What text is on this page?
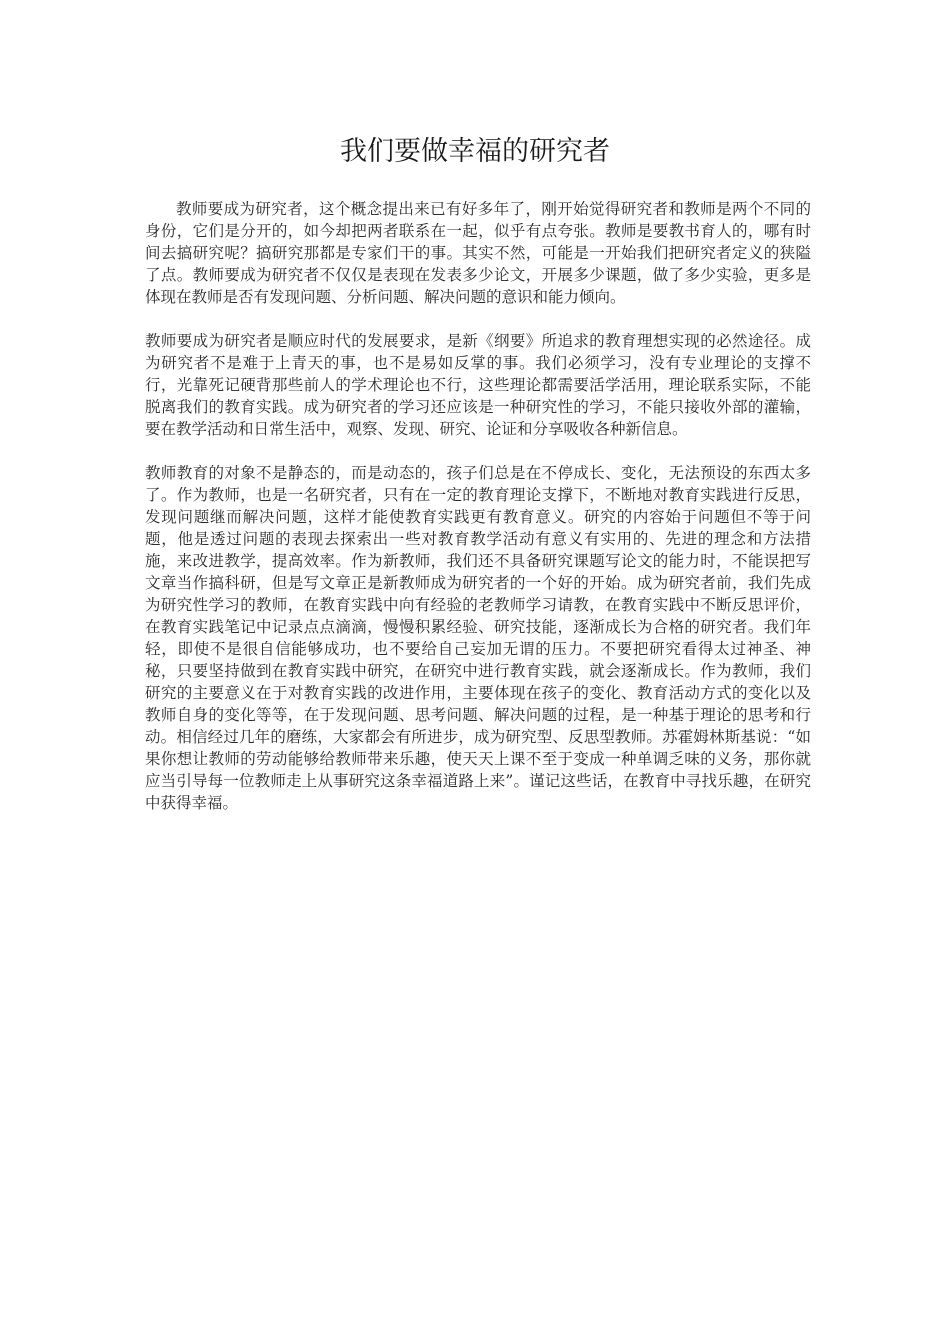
我们要做幸福的研究者

教师要成为研究者，这个概念提出来已有好多年了，刚开始觉得研究者和教师是两个不同的身份，它们是分开的，如今却把两者联系在一起，似乎有点夸张。教师是要教书育人的，哪有时间去搞研究呢？搞研究那都是专家们干的事。其实不然，可能是一开始我们把研究者定义的狭隘了点。教师要成为研究者不仅仅是表现在发表多少论文，开展多少课题，做了多少实验，更多是体现在教师是否有发现问题、分析问题、解决问题的意识和能力倾向。

教师要成为研究者是顺应时代的发展要求，是新《纲要》所追求的教育理想实现的必然途径。成为研究者不是难于上青天的事，也不是易如反掌的事。我们必须学习，没有专业理论的支撑不行，光靠死记硬背那些前人的学术理论也不行，这些理论都需要活学活用，理论联系实际，不能脱离我们的教育实践。成为研究者的学习还应该是一种研究性的学习，不能只接收外部的灌输，要在教学活动和日常生活中，观察、发现、研究、论证和分享吸收各种新信息。

教师教育的对象不是静态的，而是动态的，孩子们总是在不停成长、变化，无法预设的东西太多了。作为教师，也是一名研究者，只有在一定的教育理论支撑下，不断地对教育实践进行反思，发现问题继而解决问题，这样才能使教育实践更有教育意义。研究的内容始于问题但不等于问题，他是透过问题的表现去探索出一些对教育教学活动有意义有实用的、先进的理念和方法措施，来改进教学，提高效率。作为新教师，我们还不具备研究课题写论文的能力时，不能误把写文章当作搞科研，但是写文章正是新教师成为研究者的一个好的开始。成为研究者前，我们先成为研究性学习的教师，在教育实践中向有经验的老教师学习请教，在教育实践中不断反思评价，在教育实践笔记中记录点点滴滴，慢慢积累经验、研究技能，逐渐成长为合格的研究者。我们年轻，即使不是很自信能够成功，也不要给自己妄加无谓的压力。不要把研究看得太过神圣、神秘，只要坚持做到在教育实践中研究，在研究中进行教育实践，就会逐渐成长。作为教师，我们研究的主要意义在于对教育实践的改进作用，主要体现在孩子的变化、教育活动方式的变化以及教师自身的变化等等，在于发现问题、思考问题、解决问题的过程，是一种基于理论的思考和行动。相信经过几年的磨练，大家都会有所进步，成为研究型、反思型教师。苏霍姆林斯基说：“如果你想让教师的劳动能够给教师带来乐趣，使天天上课不至于变成一种单调乏味的义务，那你就应当引导每一位教师走上从事研究这条幸福道路上来”。谨记这些话，在教育中寻找乐趣，在研究中获得幸福。
